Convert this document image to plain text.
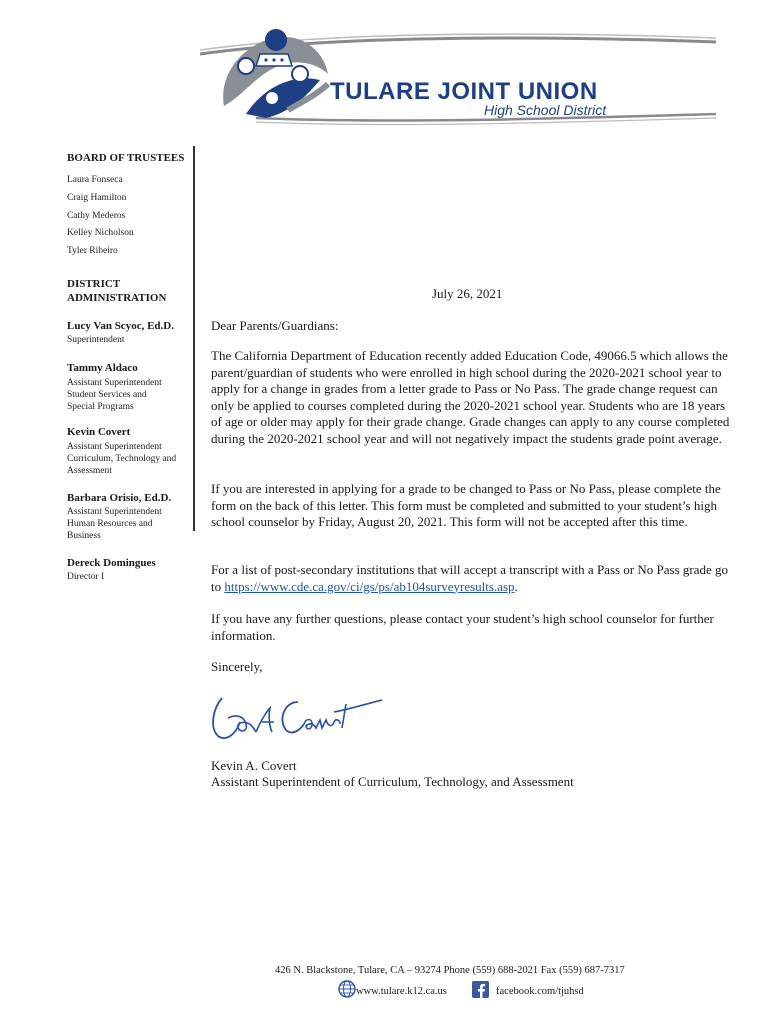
TULARE JOINT UNION
High School District
BOARD OF TRUSTEES
Laura Fonseca
Craig Hamilton
Cathy Mederos
Kelley Nicholson
Tyler Ribeiro
DISTRICT
ADMINISTRATION
Lucy Van Scyoc, Ed.D.
Superintendent
Tammy Aldaco
Assistant Superintendent
Student Services and
Special Programs
Kevin Covert
Assistant Superintendent
Curriculum, Technology and
Assessment
Barbara Orisio, Ed.D.
Assistant Superintendent
Human Resources and
Business
Dereck Domingues
Director I
July 26, 2021
Dear Parents/Guardians:
The California Department of Education recently added Education Code, 49066.5 which allows the parent/guardian of students who were enrolled in high school during the 2020-2021 school year to apply for a change in grades from a letter grade to Pass or No Pass. The grade change request can only be applied to courses completed during the 2020-2021 school year. Students who are 18 years of age or older may apply for their grade change. Grade changes can apply to any course completed during the 2020-2021 school year and will not negatively impact the students grade point average.
If you are interested in applying for a grade to be changed to Pass or No Pass, please complete the form on the back of this letter. This form must be completed and submitted to your student’s high school counselor by Friday, August 20, 2021. This form will not be accepted after this time.
For a list of post-secondary institutions that will accept a transcript with a Pass or No Pass grade go to https://www.cde.ca.gov/ci/gs/ps/ab104surveyresults.asp.
If you have any further questions, please contact your student’s high school counselor for further information.
Sincerely,
Kevin A. Covert
Assistant Superintendent of Curriculum, Technology, and Assessment
426 N. Blackstone, Tulare, CA – 93274 Phone (559) 688-2021 Fax (559) 687-7317
www.tulare.k12.ca.us	facebook.com/tjuhsd
